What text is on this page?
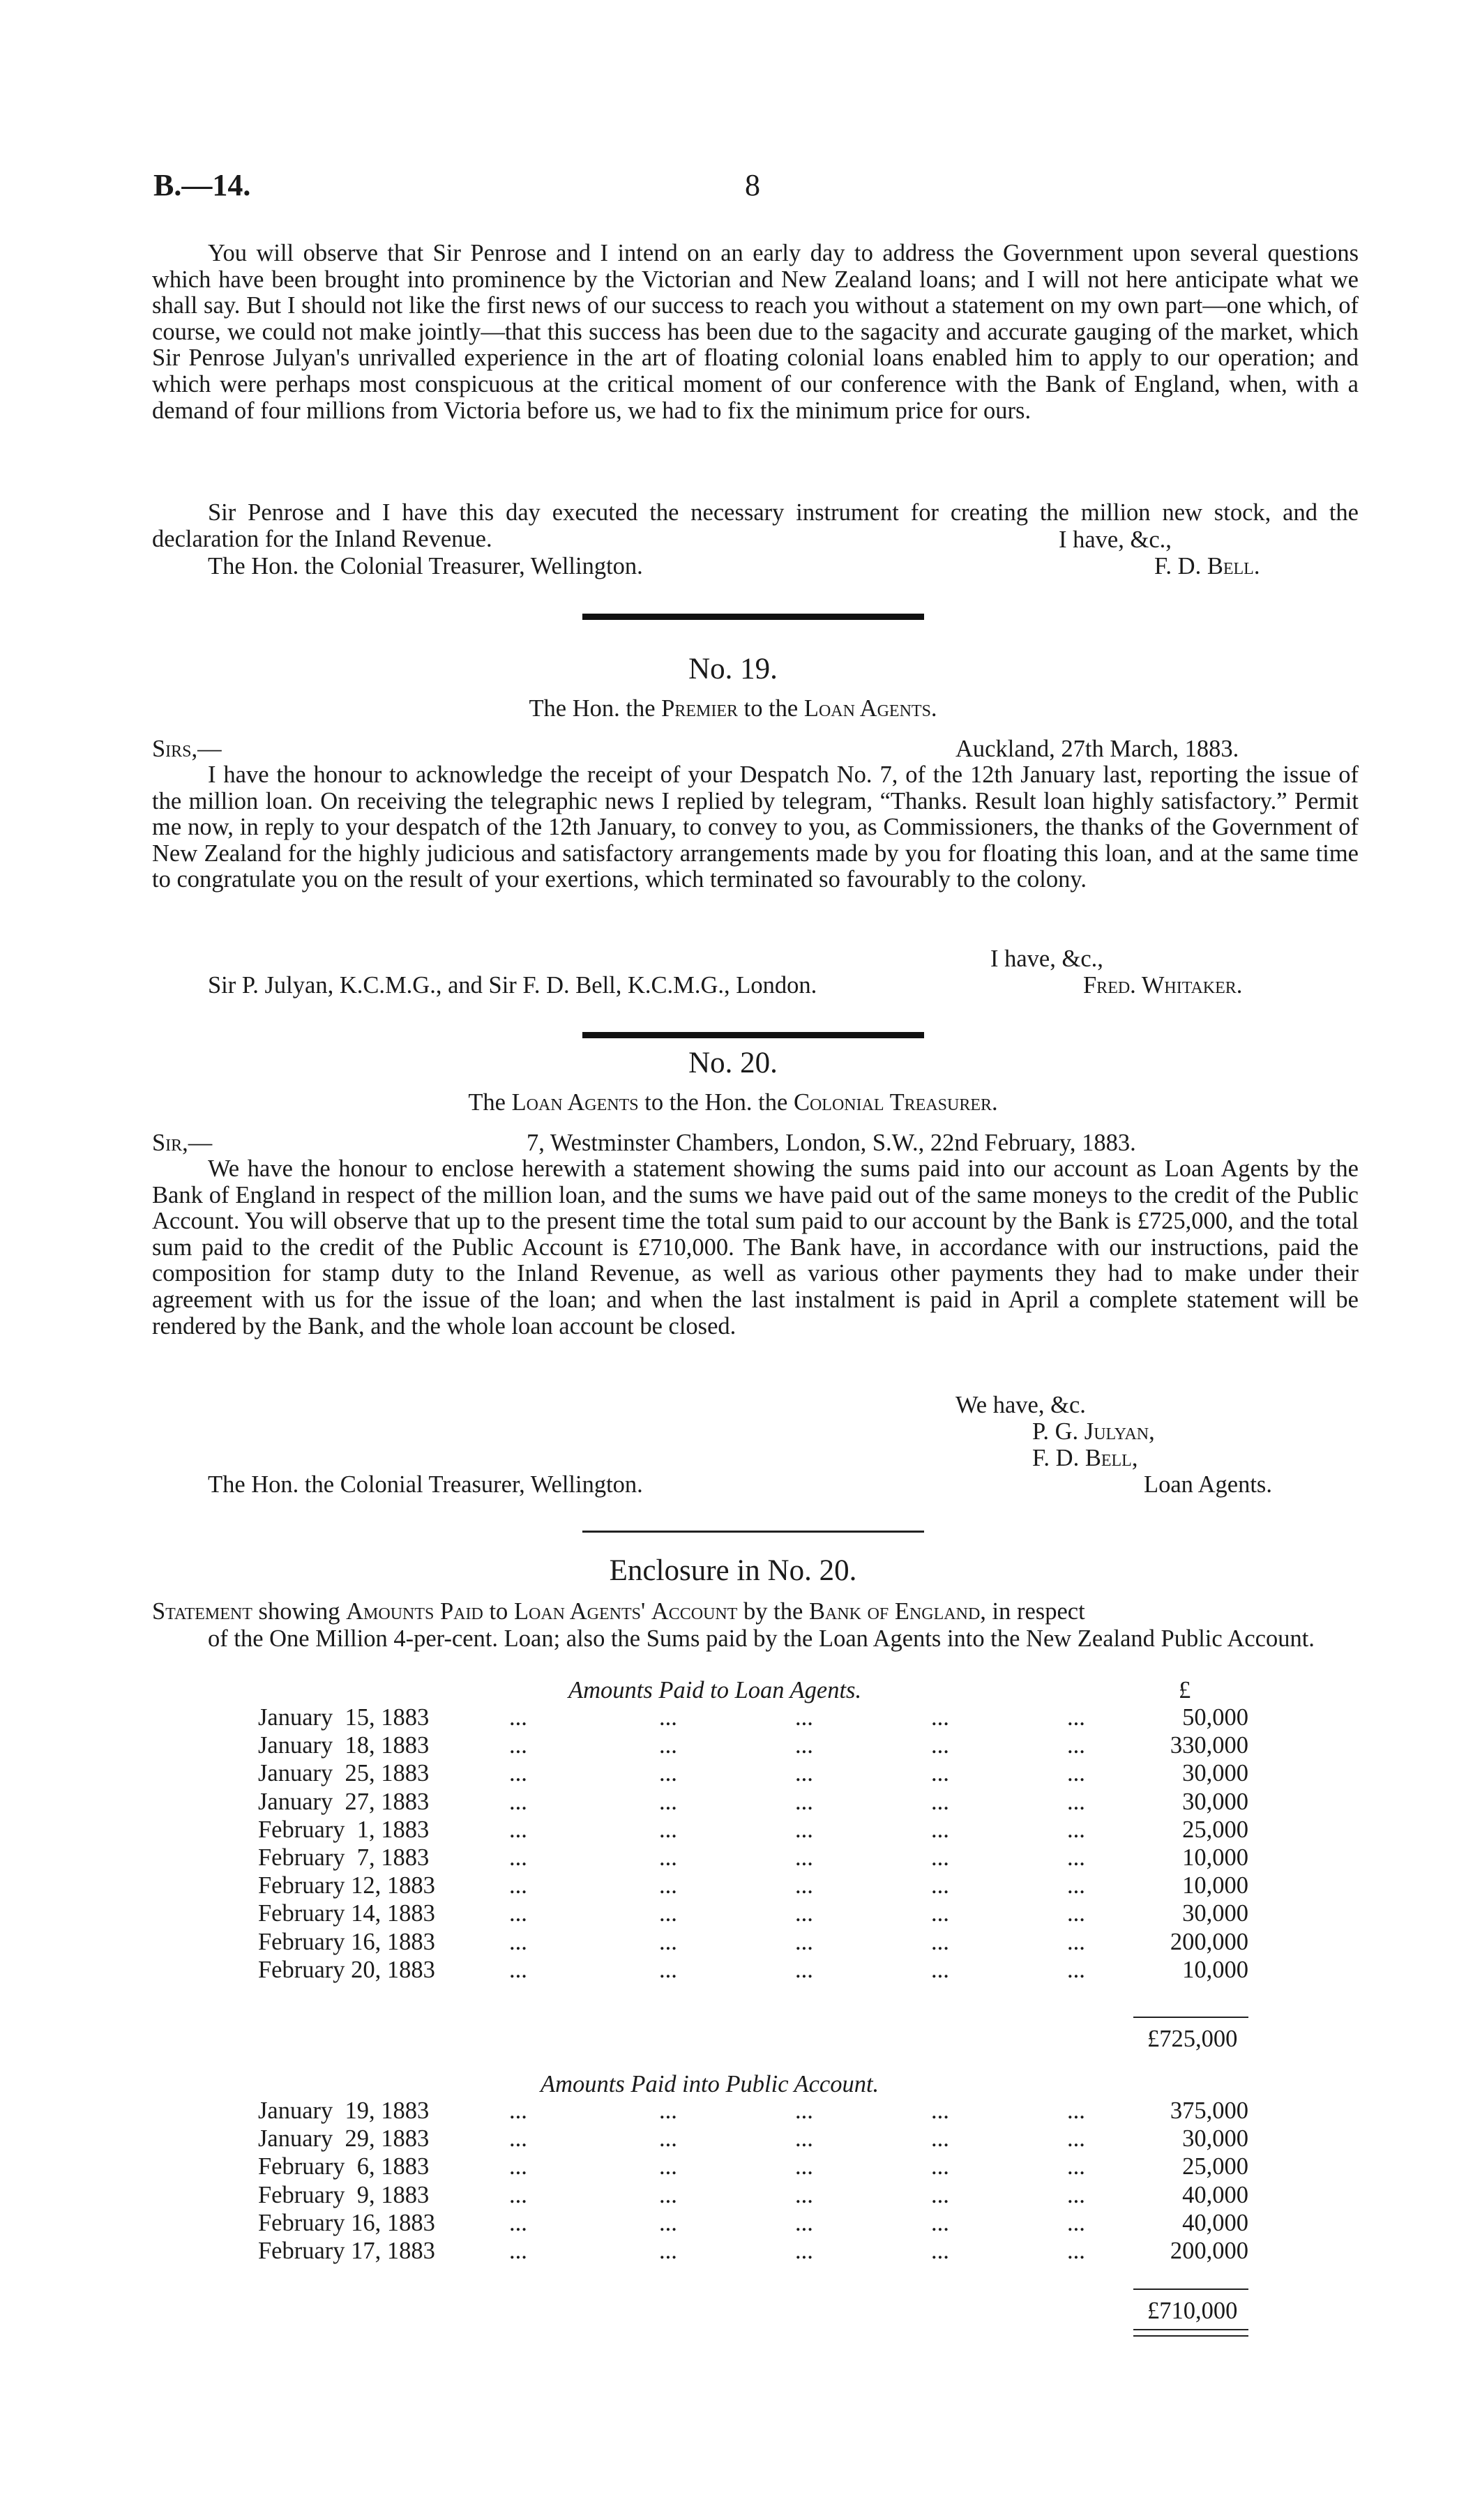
B.—14.	8

You will observe that Sir Penrose and I intend on an early day to address the Government upon several questions which have been brought into prominence by the Victorian and New Zealand loans; and I will not here anticipate what we shall say. But I should not like the first news of our success to reach you without a statement on my own part—one which, of course, we could not make jointly—that this success has been due to the sagacity and accurate gauging of the market, which Sir Penrose Julyan's unrivalled experience in the art of floating colonial loans enabled him to apply to our operation; and which were perhaps most conspicuous at the critical moment of our conference with the Bank of England, when, with a demand of four millions from Victoria before us, we had to fix the minimum price for ours.

Sir Penrose and I have this day executed the necessary instrument for creating the million new stock, and the declaration for the Inland Revenue.	I have, &c.,
The Hon. the Colonial Treasurer, Wellington.	F. D. Bell.
No. 19.
The Hon. the Premier to the Loan Agents.
Sirs,—	Auckland, 27th March, 1883.

I have the honour to acknowledge the receipt of your Despatch No. 7, of the 12th January last, reporting the issue of the million loan. On receiving the telegraphic news I replied by telegram, “Thanks. Result loan highly satisfactory.” Permit me now, in reply to your despatch of the 12th January, to convey to you, as Commissioners, the thanks of the Government of New Zealand for the highly judicious and satisfactory arrangements made by you for floating this loan, and at the same time to congratulate you on the result of your exertions, which terminated so favourably to the colony.

I have, &c.,
Sir P. Julyan, K.C.M.G., and Sir F. D. Bell, K.C.M.G., London.	Fred. Whitaker.
No. 20.
The Loan Agents to the Hon. the Colonial Treasurer.
Sir,—	7, Westminster Chambers, London, S.W., 22nd February, 1883.

We have the honour to enclose herewith a statement showing the sums paid into our account as Loan Agents by the Bank of England in respect of the million loan, and the sums we have paid out of the same moneys to the credit of the Public Account. You will observe that up to the present time the total sum paid to our account by the Bank is £725,000, and the total sum paid to the credit of the Public Account is £710,000. The Bank have, in accordance with our instructions, paid the composition for stamp duty to the Inland Revenue, as well as various other payments they had to make under their agreement with us for the issue of the loan; and when the last instalment is paid in April a complete statement will be rendered by the Bank, and the whole loan account be closed.

We have, &c.
P. G. Julyan,
F. D. Bell,
The Hon. the Colonial Treasurer, Wellington.	Loan Agents.
Enclosure in No. 20.
Statement showing Amounts Paid to Loan Agents' Account by the Bank of England, in respect
of the One Million 4-per-cent. Loan; also the Sums paid by the Loan Agents into the New Zealand Public Account.
Amounts Paid to Loan Agents.	£
January  15, 1883	...	...	...	...	...	50,000
January  18, 1883	...	...	...	...	...	330,000
January  25, 1883	...	...	...	...	...	30,000
January  27, 1883	...	...	...	...	...	30,000
February  1, 1883	...	...	...	...	...	25,000
February  7, 1883	...	...	...	...	...	10,000
February 12, 1883	...	...	...	...	...	10,000
February 14, 1883	...	...	...	...	...	30,000
February 16, 1883	...	...	...	...	...	200,000
February 20, 1883	...	...	...	...	...	10,000
£725,000
Amounts Paid into Public Account.
January  19, 1883	...	...	...	...	...	375,000
January  29, 1883	...	...	...	...	...	30,000
February  6, 1883	...	...	...	...	...	25,000
February  9, 1883	...	...	...	...	...	40,000
February 16, 1883	...	...	...	...	...	40,000
February 17, 1883	...	...	...	...	...	200,000
£710,000
